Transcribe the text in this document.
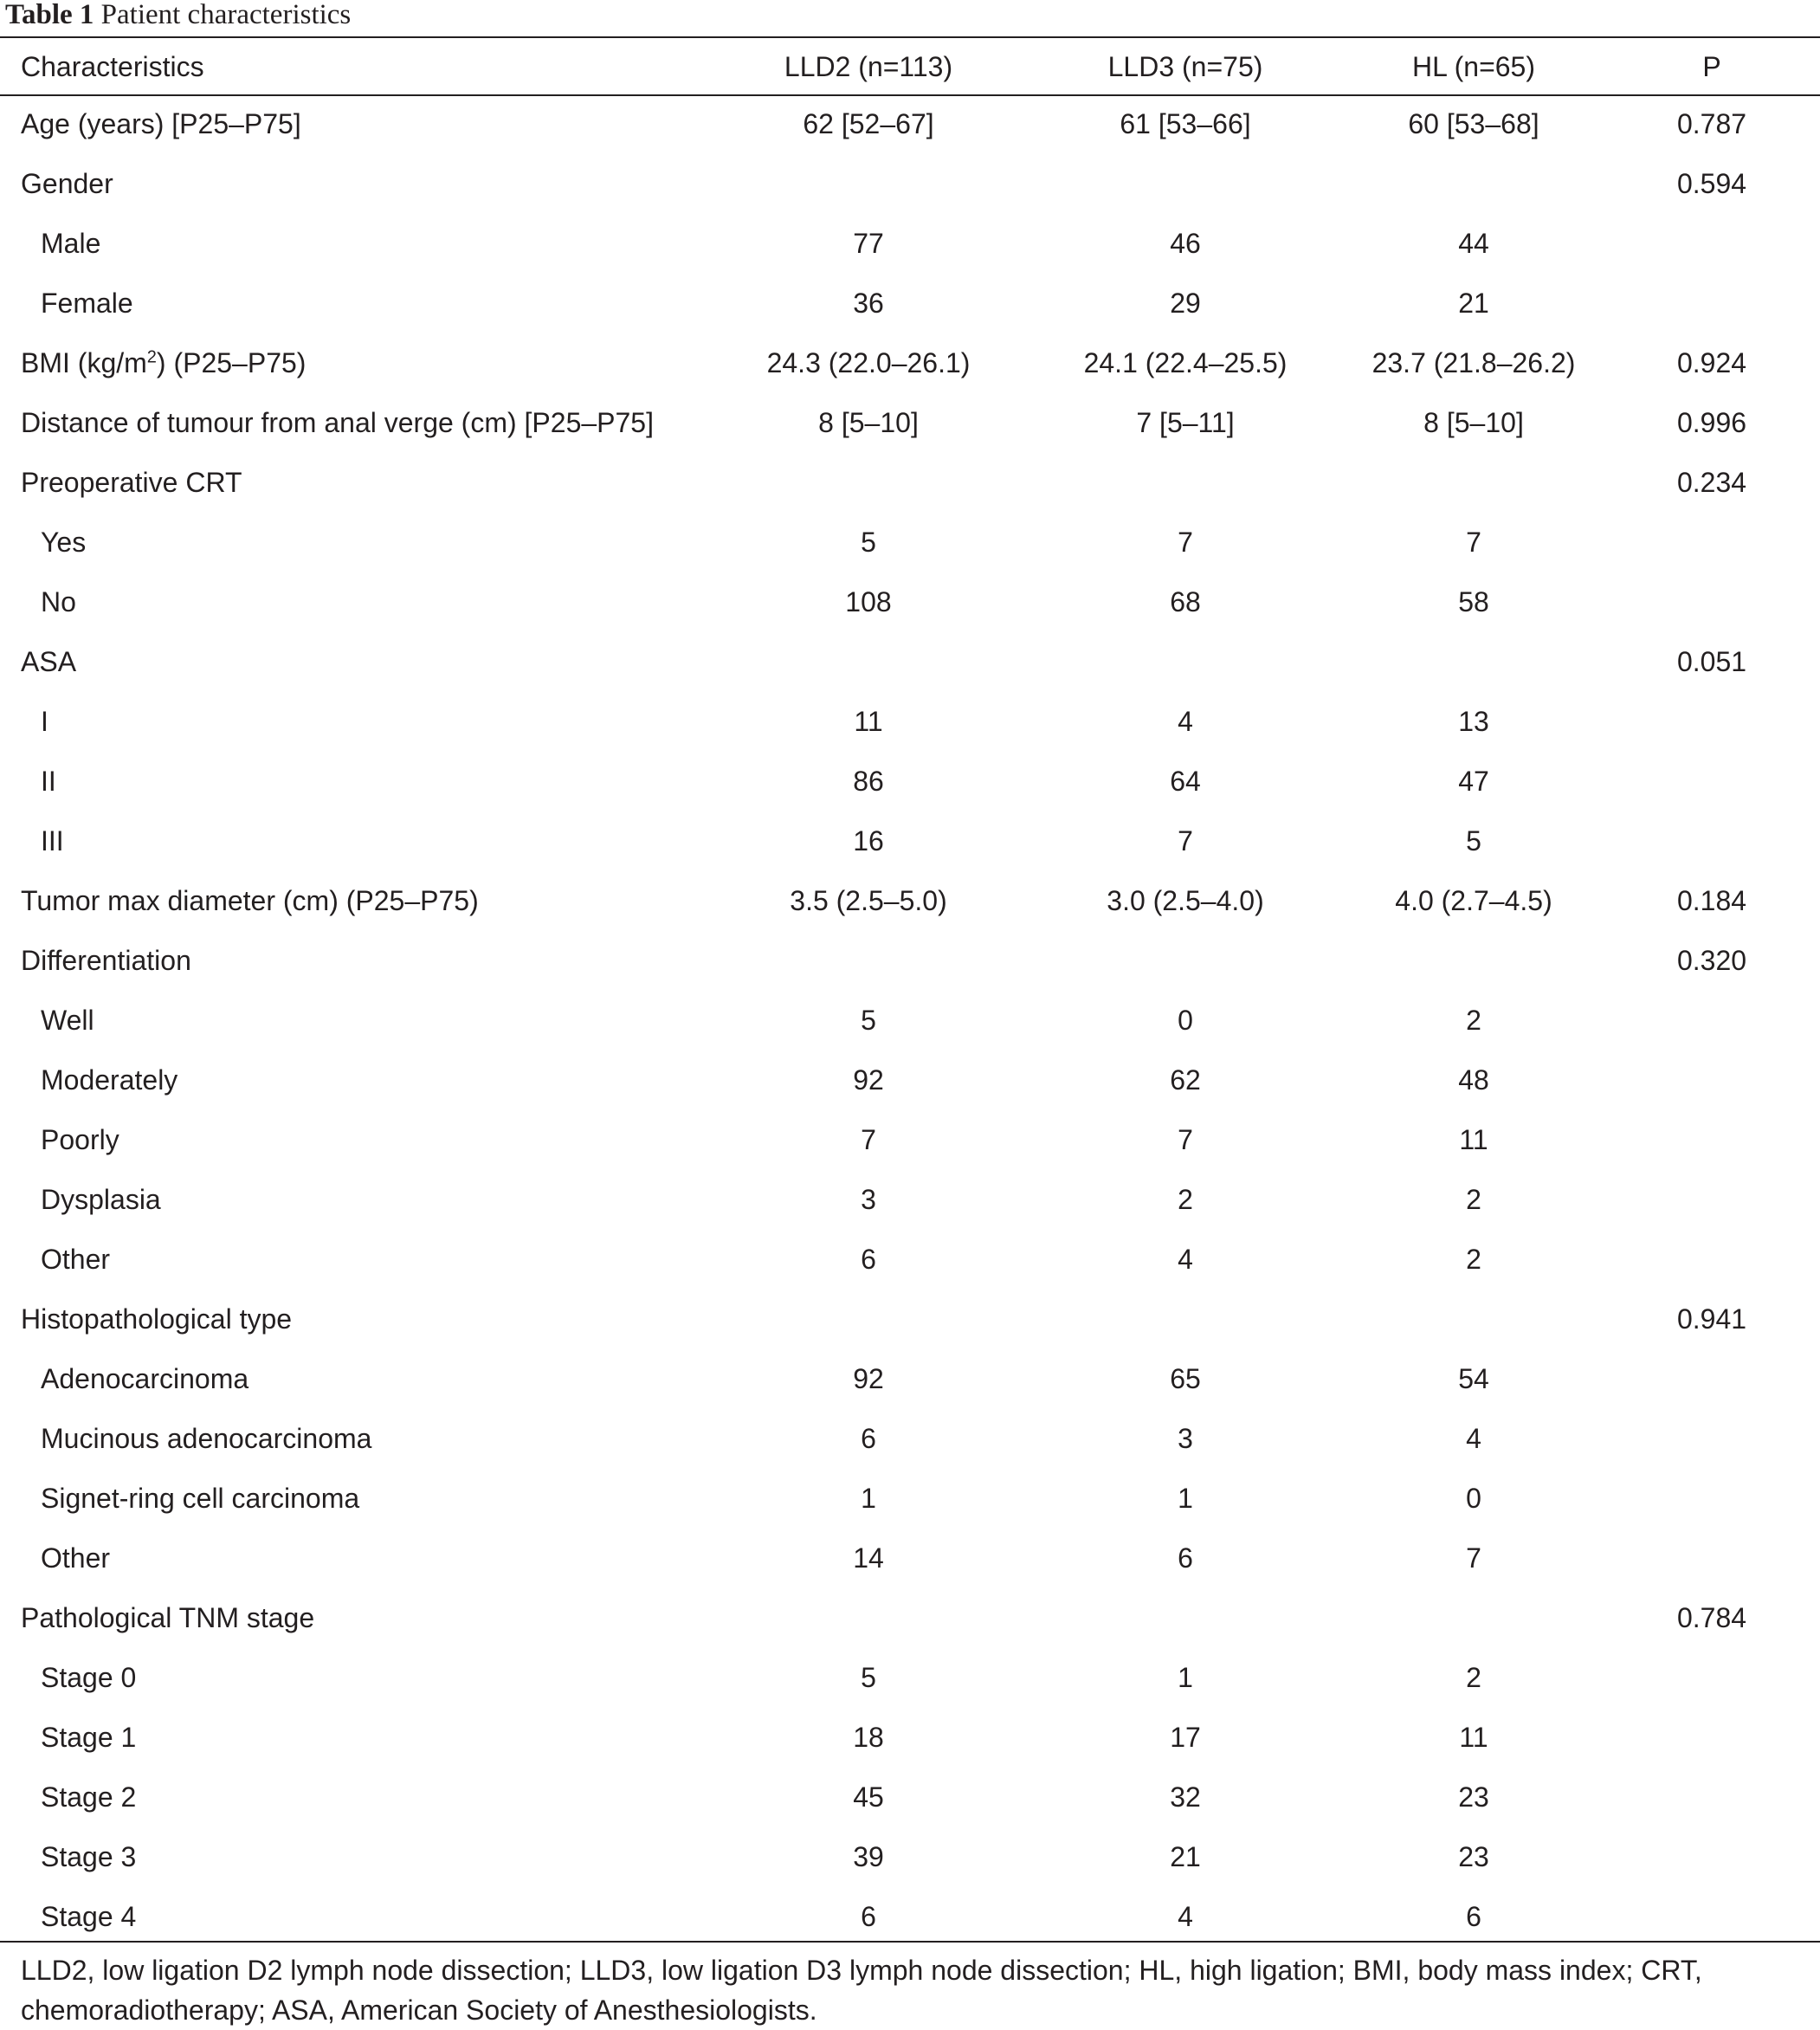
Table 1 Patient characteristics
Characteristics	LLD2 (n=113)	LLD3 (n=75)	HL (n=65)	P
Age (years) [P25–P75]	62 [52–67]	61 [53–66]	60 [53–68]	0.787
Gender				0.594
Male	77	46	44	
Female	36	29	21	
BMI $(kg/m^2)$ (P25–P75)	24.3 (22.0–26.1)	24.1 (22.4–25.5)	23.7 (21.8–26.2)	0.924
Distance of tumour from anal verge (cm) [P25–P75]	8 [5–10]	7 [5–11]	8 [5–10]	0.996
Preoperative CRT				0.234
Yes	5	7	7	
No	108	68	58	
ASA				0.051
I	11	4	13	
II	86	64	47	
III	16	7	5	
Tumor max diameter (cm) (P25–P75)	3.5 (2.5–5.0)	3.0 (2.5–4.0)	4.0 (2.7–4.5)	0.184
Differentiation				0.320
Well	5	0	2	
Moderately	92	62	48	
Poorly	7	7	11	
Dysplasia	3	2	2	
Other	6	4	2	
Histopathological type				0.941
Adenocarcinoma	92	65	54	
Mucinous adenocarcinoma	6	3	4	
Signet-ring cell carcinoma	1	1	0	
Other	14	6	7	
Pathological TNM stage				0.784
Stage 0	5	1	2	
Stage 1	18	17	11	
Stage 2	45	32	23	
Stage 3	39	21	23	
Stage 4	6	4	6	
LLD2, low ligation D2 lymph node dissection; LLD3, low ligation D3 lymph node dissection; HL, high ligation; BMI, body mass index; CRT, chemoradiotherapy; ASA, American Society of Anesthesiologists.
